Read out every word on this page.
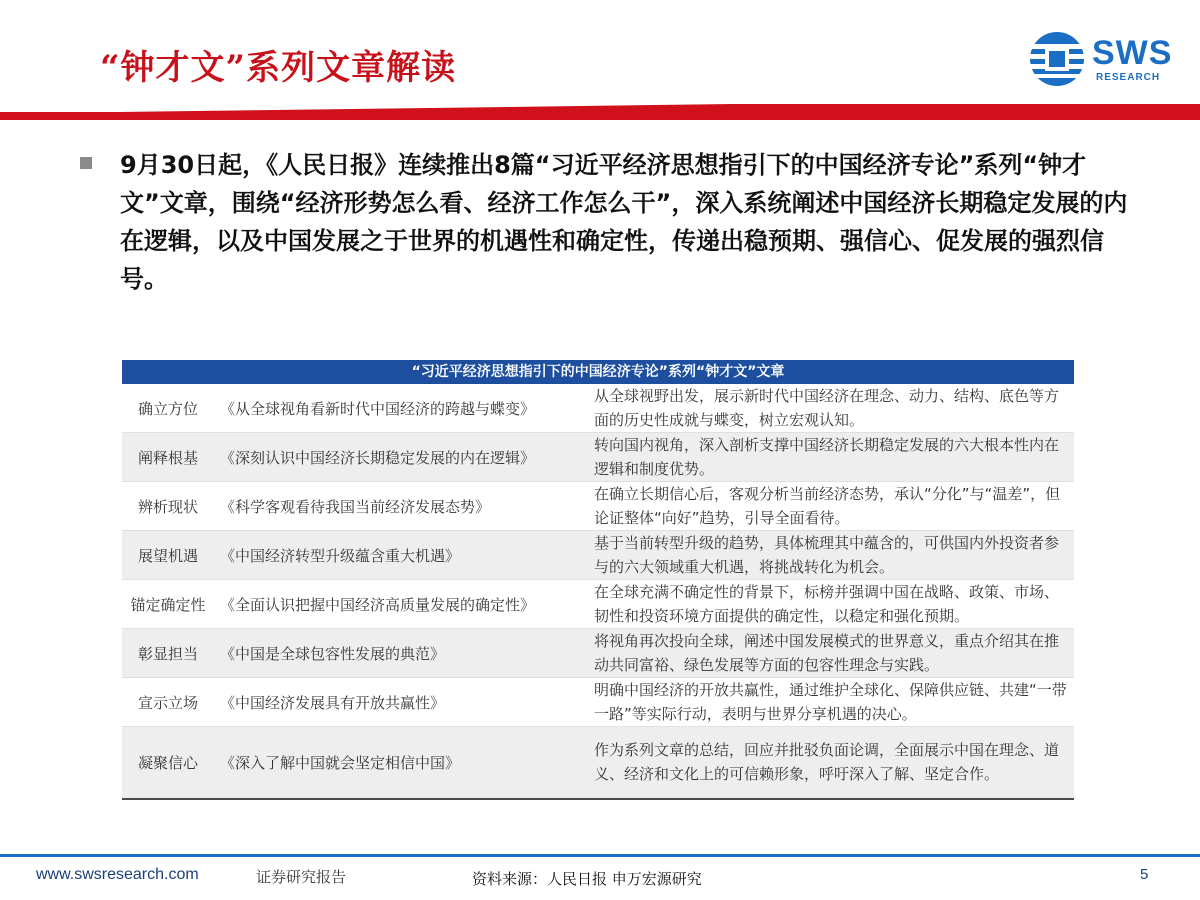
“钟才文”系列文章解读	SWS
RESEARCH
9月30日起，《人民日报》连续推出8篇“习近平经济思想指引下的中国经济专论”系列“钟才文”文章，围绕“经济形势怎么看、经济工作怎么干”，深入系统阐述中国经济长期稳定发展的内在逻辑，以及中国发展之于世界的机遇性和确定性，传递出稳预期、强信心、促发展的强烈信号。
“习近平经济思想指引下的中国经济专论”系列“钟才文”文章
确立方位	《从全球视角看新时代中国经济的跨越与蝶变》	从全球视野出发，展示新时代中国经济在理念、动力、结构、底色等方面的历史性成就与蝶变，树立宏观认知。
阐释根基	《深刻认识中国经济长期稳定发展的内在逻辑》	转向国内视角，深入剖析支撑中国经济长期稳定发展的六大根本性内在逻辑和制度优势。
辨析现状	《科学客观看待我国当前经济发展态势》	在确立长期信心后，客观分析当前经济态势，承认“分化”与“温差”，但论证整体“向好”趋势，引导全面看待。
展望机遇	《中国经济转型升级蕴含重大机遇》	基于当前转型升级的趋势，具体梳理其中蕴含的，可供国内外投资者参与的六大领域重大机遇，将挑战转化为机会。
锚定确定性	《全面认识把握中国经济高质量发展的确定性》	在全球充满不确定性的背景下，标榜并强调中国在战略、政策、市场、韧性和投资环境方面提供的确定性，以稳定和强化预期。
彰显担当	《中国是全球包容性发展的典范》	将视角再次投向全球，阐述中国发展模式的世界意义，重点介绍其在推动共同富裕、绿色发展等方面的包容性理念与实践。
宣示立场	《中国经济发展具有开放共赢性》	明确中国经济的开放共赢性，通过维护全球化、保障供应链、共建“一带一路”等实际行动，表明与世界分享机遇的决心。
凝聚信心	《深入了解中国就会坚定相信中国》	作为系列文章的总结，回应并批驳负面论调，全面展示中国在理念、道义、经济和文化上的可信赖形象，呼吁深入了解、坚定合作。
www.swsresearch.com	证券研究报告	资料来源：人民日报 申万宏源研究	5
